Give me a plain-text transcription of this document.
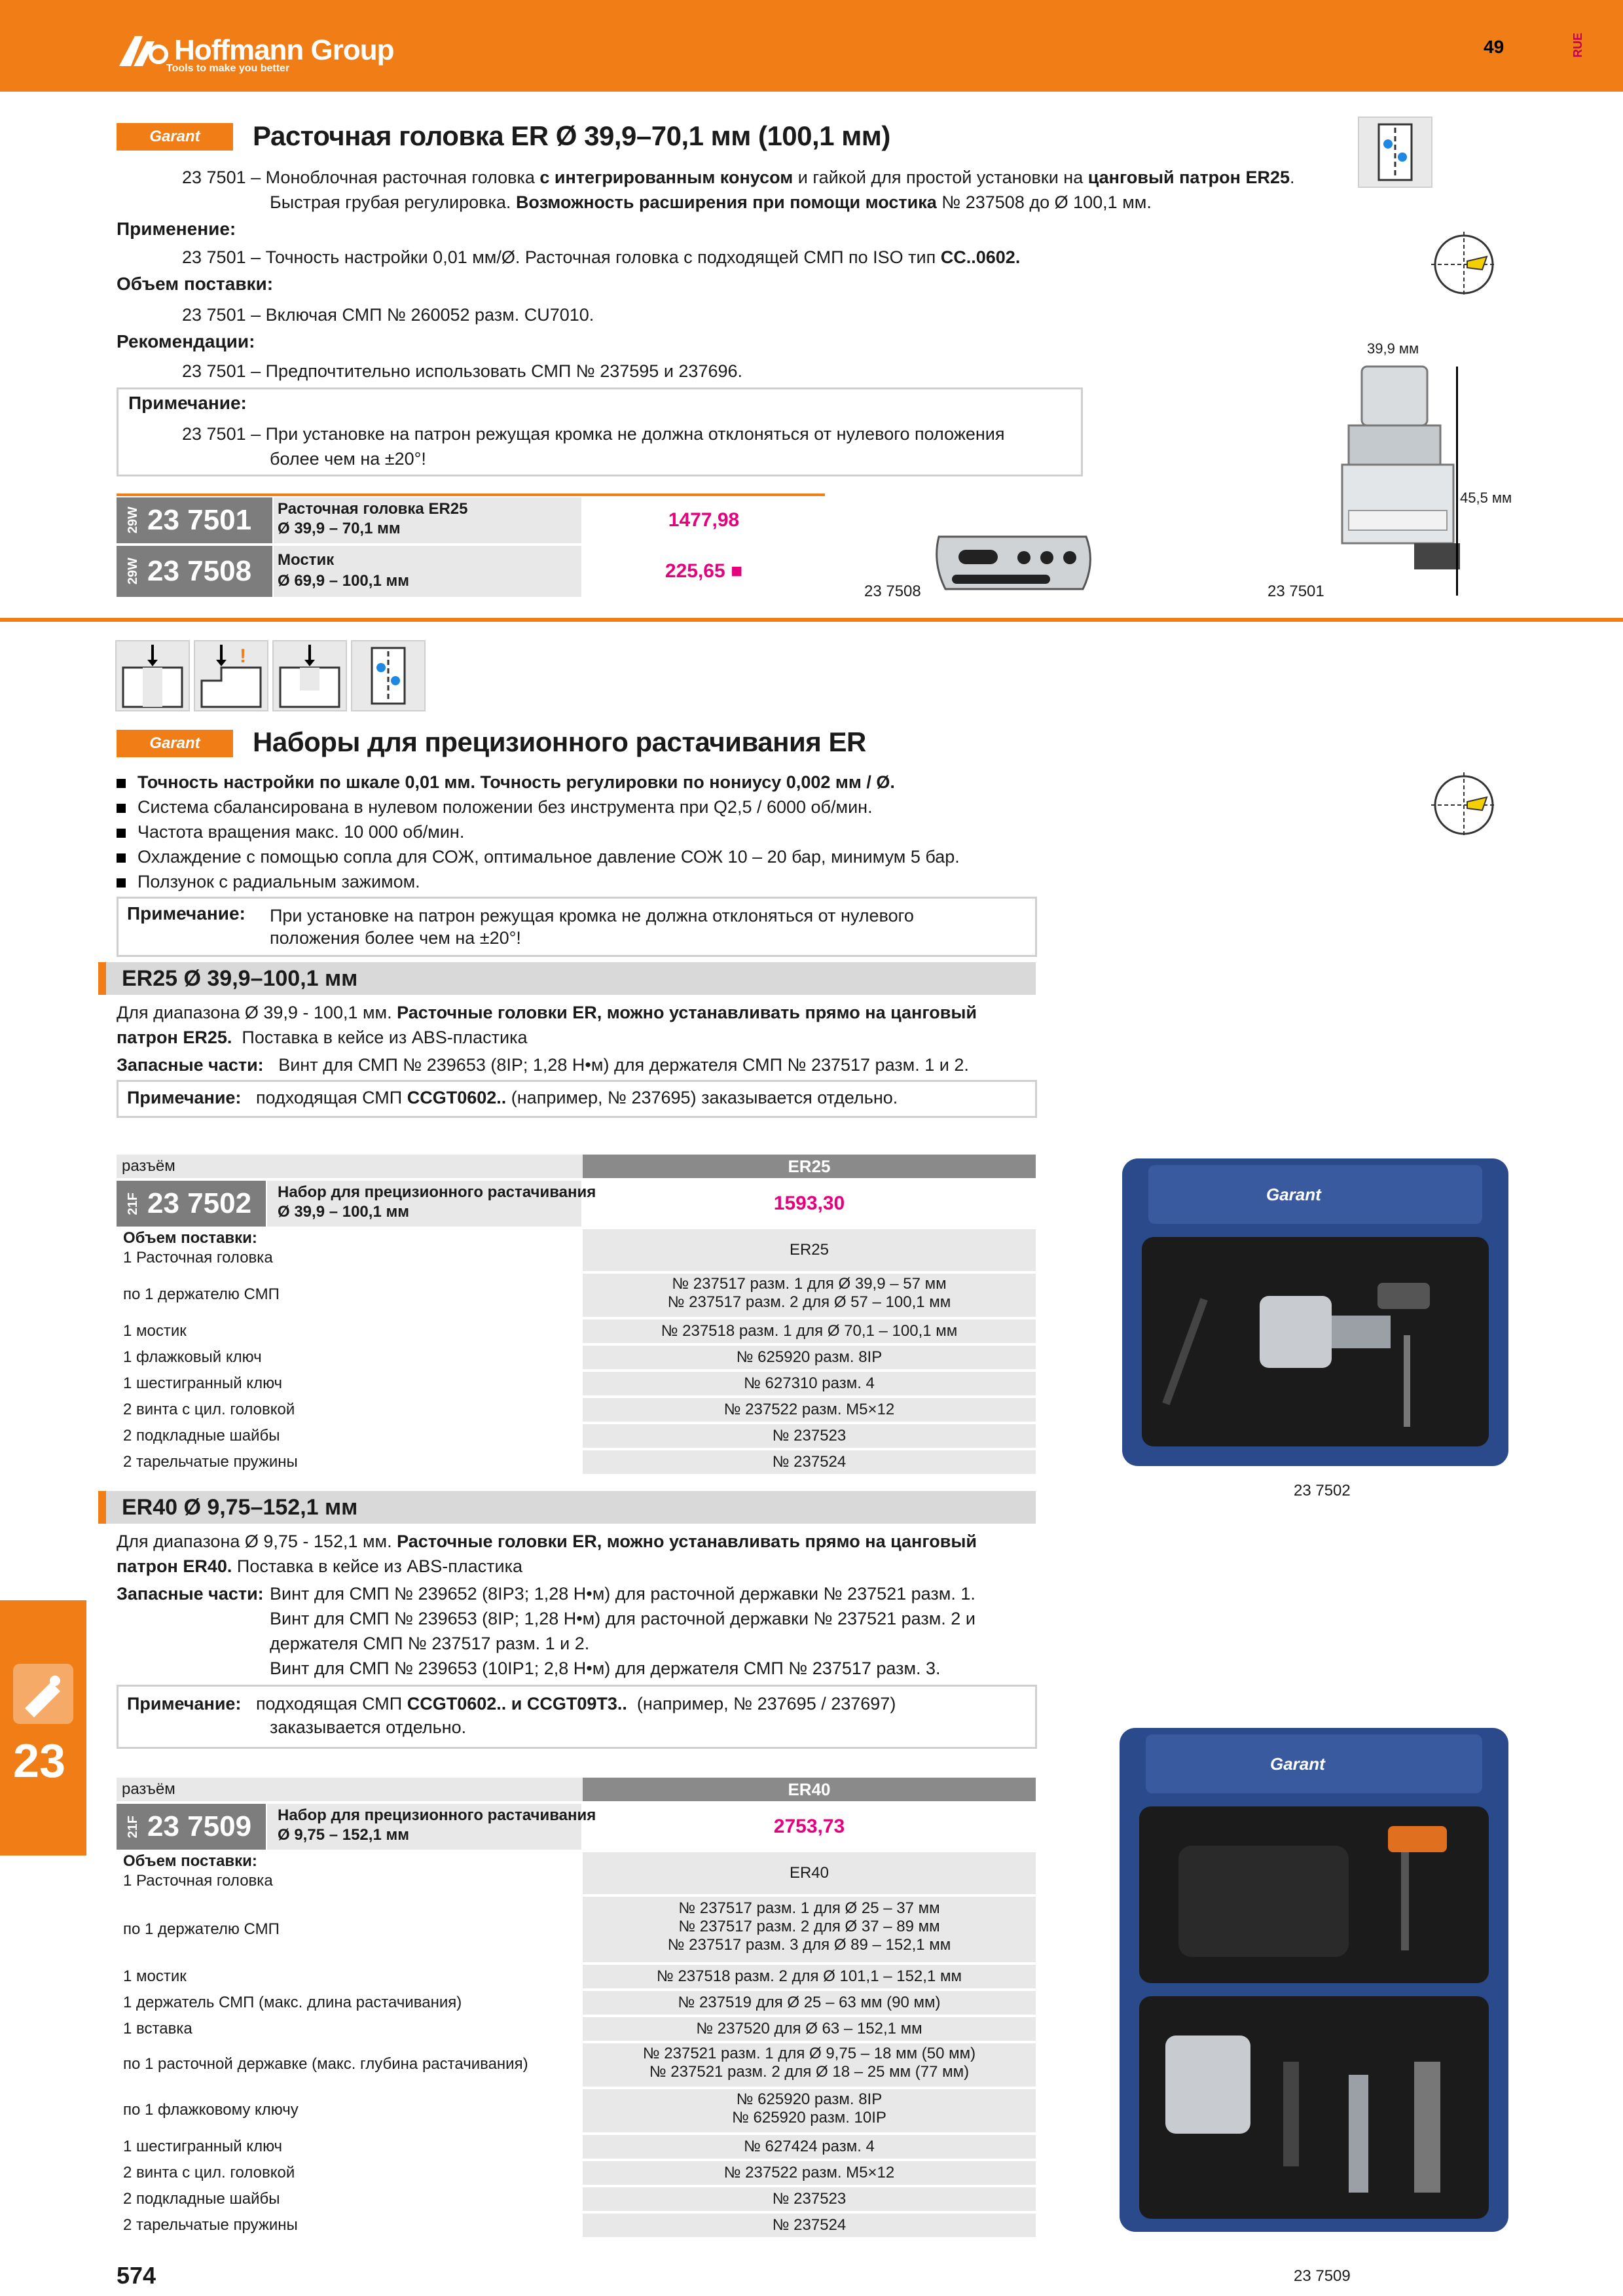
Hoffmann Group
Tools to make you better
49	RUE
Garant Расточная головка ER Ø 39,9–70,1 мм (100,1 мм)
23 7501 – Моноблочная расточная головка с интегрированным конусом и гайкой для простой установки на цанговый патрон ER25.
Быстрая грубая регулировка. Возможность расширения при помощи мостика № 237508 до Ø 100,1 мм.
Применение:
23 7501 – Точность настройки 0,01 мм/Ø. Расточная головка с подходящей СМП по ISO тип CC..0602.
Объем поставки:
23 7501 – Включая СМП № 260052 разм. CU7010.
Рекомендации:
23 7501 – Предпочтительно использовать СМП № 237595 и 237696.
Примечание:
23 7501 – При установке на патрон режущая кромка не должна отклоняться от нулевого положения
более чем на ±20°!
29W 23 7501 Расточная головка ER25
Ø 39,9 – 70,1 мм	1477,98
29W 23 7508 Мостик
Ø 69,9 – 100,1 мм	225,65 ■
23 7508
39,9 мм
45,5 мм
23 7501
!
Garant Наборы для прецизионного растачивания ER
Точность настройки по шкале 0,01 мм. Точность регулировки по нониусу 0,002 мм / Ø.
Система сбалансирована в нулевом положении без инструмента при Q2,5 / 6000 об/мин.
Частота вращения макс. 10 000 об/мин.
Охлаждение с помощью сопла для СОЖ, оптимальное давление СОЖ 10 – 20 бар, минимум 5 бар.
Ползунок с радиальным зажимом.
Примечание: При установке на патрон режущая кромка не должна отклоняться от нулевого
положения более чем на ±20°!
ER25 Ø 39,9–100,1 мм
Для диапазона Ø 39,9 - 100,1 мм. Расточные головки ER, можно устанавливать прямо на цанговый
патрон ER25. Поставка в кейсе из ABS-пластика
Запасные части: Винт для СМП № 239653 (8IP; 1,28 Н•м) для держателя СМП № 237517 разм. 1 и 2.
Примечание: подходящая СМП CCGT0602.. (например, № 237695) заказывается отдельно.
разъём	ER25
21F 23 7502 Набор для прецизионного растачивания
Ø 39,9 – 100,1 мм	1593,30
Объем поставки:
1 Расточная головка	ER25
по 1 держателю СМП
№ 237517 разм. 1 для Ø 39,9 – 57 мм
№ 237517 разм. 2 для Ø 57 – 100,1 мм
1 мостик	№ 237518 разм. 1 для Ø 70,1 – 100,1 мм
1 флажковый ключ	№ 625920 разм. 8IP
1 шестигранный ключ	№ 627310 разм. 4
2 винта с цил. головкой	№ 237522 разм. M5×12
2 подкладные шайбы	№ 237523
2 тарельчатые пружины	№ 237524
Garant
23 7502
ER40 Ø 9,75–152,1 мм
Для диапазона Ø 9,75 - 152,1 мм. Расточные головки ER, можно устанавливать прямо на цанговый
патрон ER40. Поставка в кейсе из ABS-пластика
Запасные части: Винт для СМП № 239652 (8IP3; 1,28 Н•м) для расточной державки № 237521 разм. 1.
Винт для СМП № 239653 (8IP; 1,28 Н•м) для расточной державки № 237521 разм. 2 и
держателя СМП № 237517 разм. 1 и 2.
Винт для СМП № 239653 (10IP1; 2,8 Н•м) для держателя СМП № 237517 разм. 3.
Примечание: подходящая СМП CCGT0602.. и CCGT09T3.. (например, № 237695 / 237697)
заказывается отдельно.
разъём	ER40
21F 23 7509 Набор для прецизионного растачивания
Ø 9,75 – 152,1 мм	2753,73
Объем поставки:
1 Расточная головка	ER40
по 1 держателю СМП
№ 237517 разм. 1 для Ø 25 – 37 мм
№ 237517 разм. 2 для Ø 37 – 89 мм
№ 237517 разм. 3 для Ø 89 – 152,1 мм
1 мостик	№ 237518 разм. 2 для Ø 101,1 – 152,1 мм
1 держатель СМП (макс. длина растачивания)	№ 237519 для Ø 25 – 63 мм (90 мм)
1 вставка	№ 237520 для Ø 63 – 152,1 мм
по 1 расточной державке (макс. глубина растачивания)
№ 237521 разм. 1 для Ø 9,75 – 18 мм (50 мм)
№ 237521 разм. 2 для Ø 18 – 25 мм (77 мм)
по 1 флажковому ключу
№ 625920 разм. 8IP
№ 625920 разм. 10IP
1 шестигранный ключ	№ 627424 разм. 4
2 винта с цил. головкой	№ 237522 разм. M5×12
2 подкладные шайбы	№ 237523
2 тарельчатые пружины	№ 237524
Garant
23 7509
23
574
